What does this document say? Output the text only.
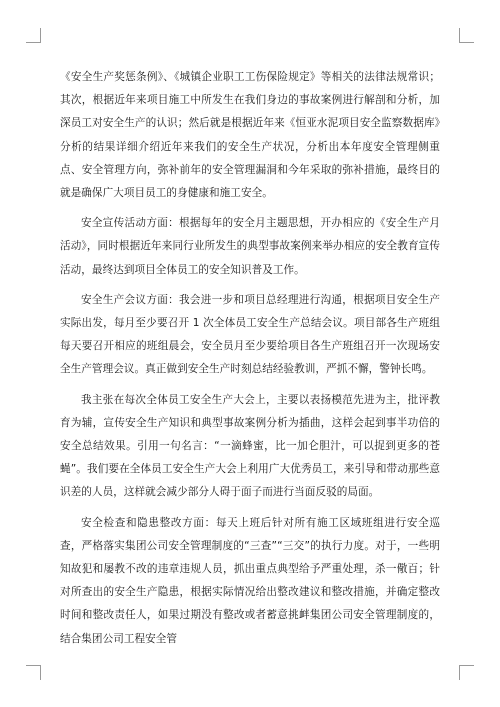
《安全生产奖惩条例》、《城镇企业职工工伤保险规定》等相关的法律法规常识；其次，根据近年来项目施工中所发生在我们身边的事故案例进行解剖和分析，加深员工对安全生产的认识；然后就是根据近年来《恒亚水泥项目安全监察数据库》分析的结果详细介绍近年来我们的安全生产状况，分析出本年度安全管理侧重点、安全管理方向，弥补前年的安全管理漏洞和今年采取的弥补措施，最终目的就是确保广大项目员工的身健康和施工安全。

安全宣传活动方面：根据每年的安全月主题思想，开办相应的《安全生产月活动》，同时根据近年来同行业所发生的典型事故案例来举办相应的安全教育宣传活动，最终达到项目全体员工的安全知识普及工作。

安全生产会议方面：我会进一步和项目总经理进行沟通，根据项目安全生产实际出发，每月至少要召开 1 次全体员工安全生产总结会议。项目部各生产班组每天要召开相应的班组晨会，安全员月至少要给项目各生产班组召开一次现场安全生产管理会议。真正做到安全生产时刻总结经验教训，严抓不懈，警钟长鸣。

我主张在每次全体员工安全生产大会上，主要以表扬模范先进为主，批评教育为辅，宣传安全生产知识和典型事故案例分析为插曲，这样会起到事半功倍的安全总结效果。引用一句名言：“一滴蜂蜜，比一加仑胆汁，可以捉到更多的苍蝇”。我们要在全体员工安全生产大会上利用广大优秀员工，来引导和带动那些意识差的人员，这样就会减少部分人碍于面子而进行当面反驳的局面。

安全检查和隐患整改方面：每天上班后针对所有施工区域班组进行安全巡查，严格落实集团公司安全管理制度的“三查”“三交”的执行力度。对于，一些明知故犯和屡教不改的违章违规人员，抓出重点典型给予严重处理，杀一儆百；针对所查出的安全生产隐患，根据实际情况给出整改建议和整改措施，并确定整改时间和整改责任人，如果过期没有整改或者蓄意挑衅集团公司安全管理制度的，结合集团公司工程安全管
